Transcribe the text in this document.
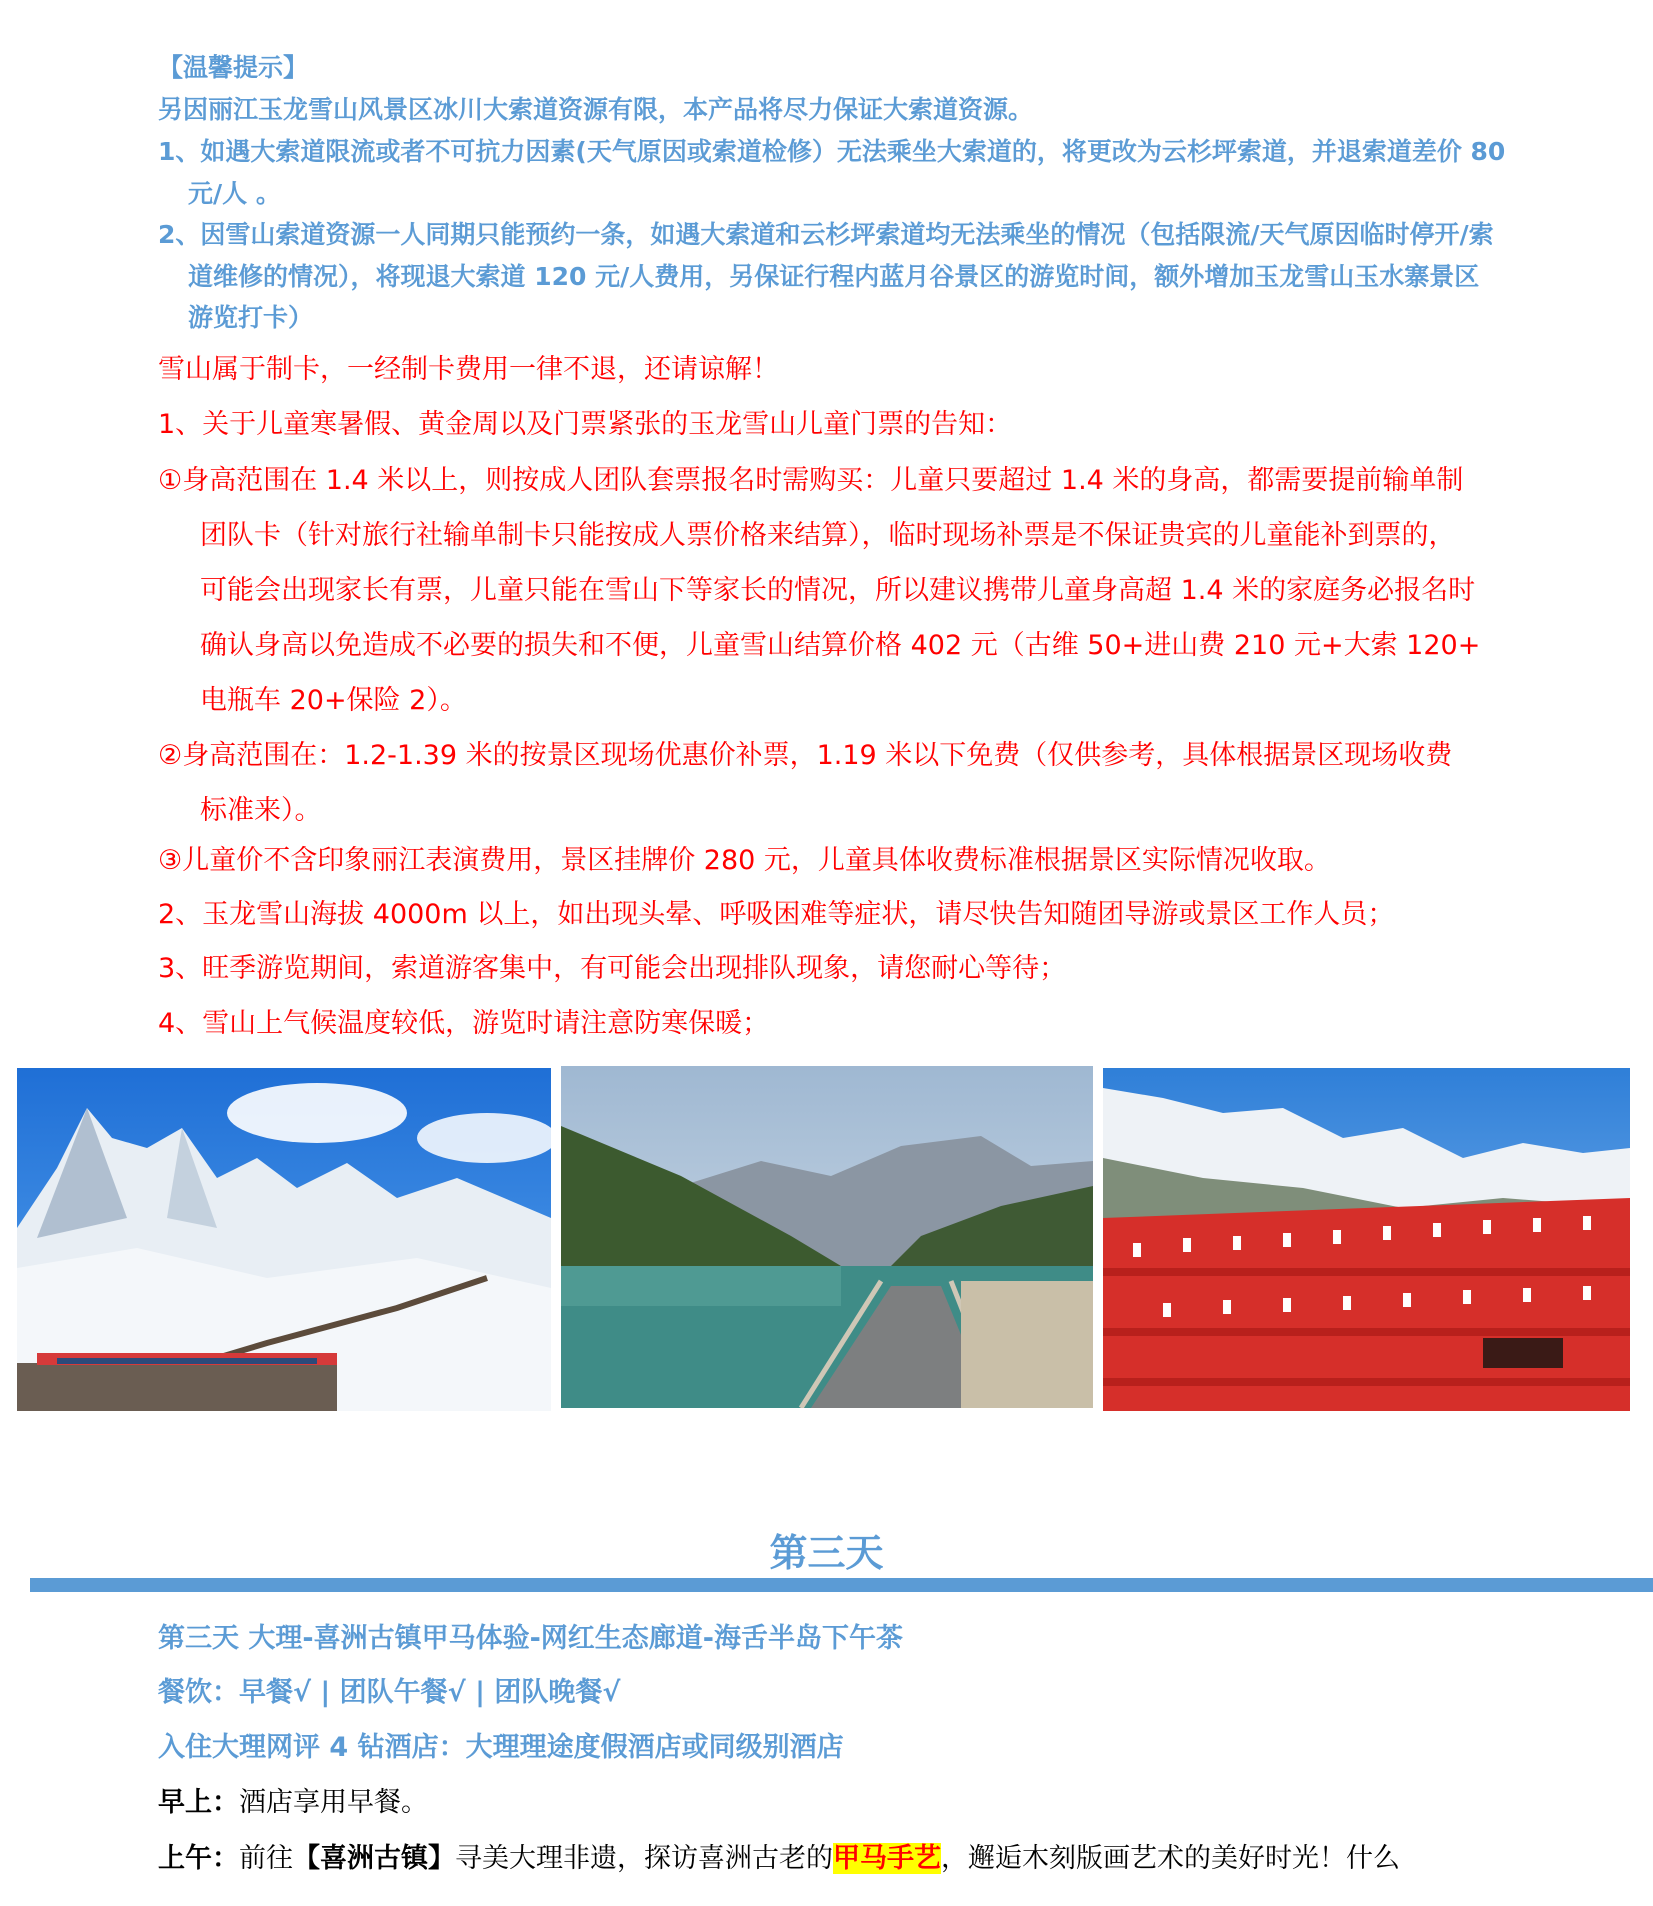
【温馨提示】
另因丽江玉龙雪山风景区冰川大索道资源有限，本产品将尽力保证大索道资源。
1、如遇大索道限流或者不可抗力因素(天气原因或索道检修）无法乘坐大索道的，将更改为云杉坪索道，并退索道差价 80
元/人 。
2、因雪山索道资源一人同期只能预约一条，如遇大索道和云杉坪索道均无法乘坐的情况（包括限流/天气原因临时停开/索
道维修的情况），将现退大索道 120 元/人费用，另保证行程内蓝月谷景区的游览时间，额外增加玉龙雪山玉水寨景区
游览打卡）
雪山属于制卡，一经制卡费用一律不退，还请谅解！
1、关于儿童寒暑假、黄金周以及门票紧张的玉龙雪山儿童门票的告知：
①身高范围在 1.4 米以上，则按成人团队套票报名时需购买：儿童只要超过 1.4 米的身高，都需要提前输单制
团队卡（针对旅行社输单制卡只能按成人票价格来结算），临时现场补票是不保证贵宾的儿童能补到票的，
可能会出现家长有票，儿童只能在雪山下等家长的情况，所以建议携带儿童身高超 1.4 米的家庭务必报名时
确认身高以免造成不必要的损失和不便，儿童雪山结算价格 402 元（古维 50+进山费 210 元+大索 120+
电瓶车 20+保险 2）。
②身高范围在：1.2-1.39 米的按景区现场优惠价补票，1.19 米以下免费（仅供参考，具体根据景区现场收费
标准来）。
③儿童价不含印象丽江表演费用，景区挂牌价 280 元，儿童具体收费标准根据景区实际情况收取。
2、玉龙雪山海拔 4000m 以上，如出现头晕、呼吸困难等症状，请尽快告知随团导游或景区工作人员；
3、旺季游览期间，索道游客集中，有可能会出现排队现象，请您耐心等待；
4、雪山上气候温度较低，游览时请注意防寒保暖；
第三天
第三天 大理-喜洲古镇甲马体验-网红生态廊道-海舌半岛下午茶
餐饮：早餐√ | 团队午餐√ | 团队晚餐√
入住大理网评 4 钻酒店：大理理途度假酒店或同级别酒店
早上：酒店享用早餐。
上午：前往【喜洲古镇】寻美大理非遗，探访喜洲古老的甲马手艺，邂逅木刻版画艺术的美好时光！什么
